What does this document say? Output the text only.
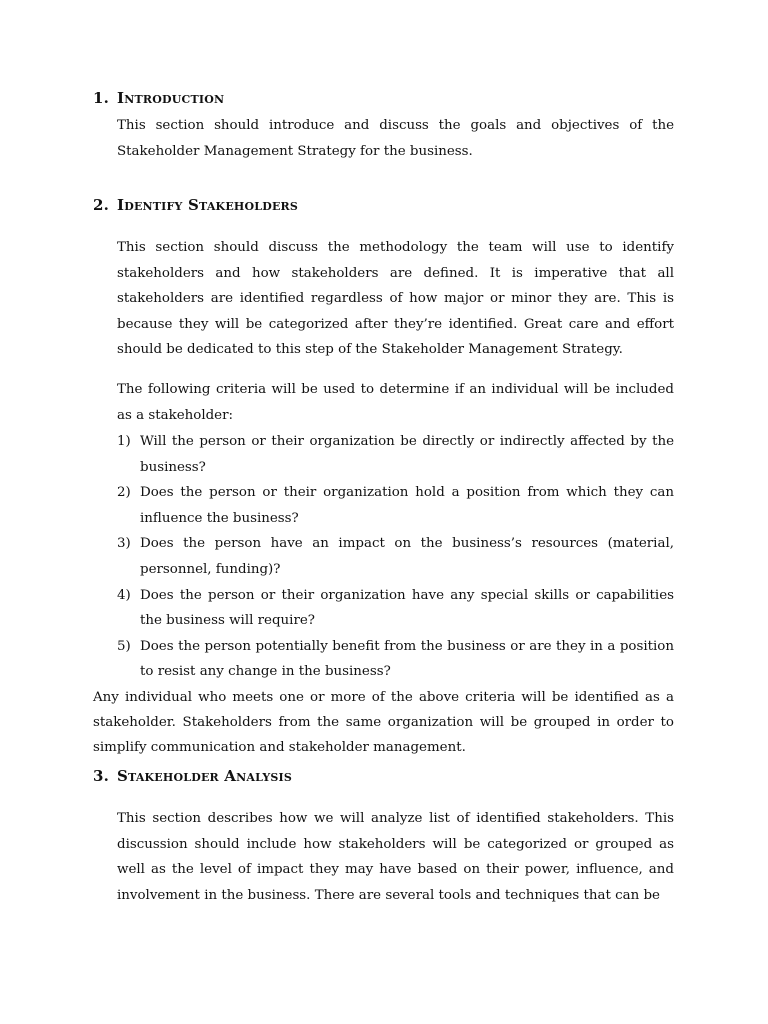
1. Introduction

This section should introduce and discuss the goals and objectives of the Stakeholder Management Strategy for the business.

2. Identify Stakeholders

This section should discuss the methodology the team will use to identify stakeholders and how stakeholders are defined. It is imperative that all stakeholders are identified regardless of how major or minor they are. This is because they will be categorized after they’re identified. Great care and effort should be dedicated to this step of the Stakeholder Management Strategy.

The following criteria will be used to determine if an individual will be included as a stakeholder:

1) Will the person or their organization be directly or indirectly affected by the business?
2) Does the person or their organization hold a position from which they can influence the business?
3) Does the person have an impact on the business’s resources (material, personnel, funding)?
4) Does the person or their organization have any special skills or capabilities the business will require?
5) Does the person potentially benefit from the business or are they in a position to resist any change in the business?

Any individual who meets one or more of the above criteria will be identified as a stakeholder. Stakeholders from the same organization will be grouped in order to simplify communication and stakeholder management.

3. Stakeholder Analysis

This section describes how we will analyze list of identified stakeholders. This discussion should include how stakeholders will be categorized or grouped as well as the level of impact they may have based on their power, influence, and involvement in the business. There are several tools and techniques that can be
